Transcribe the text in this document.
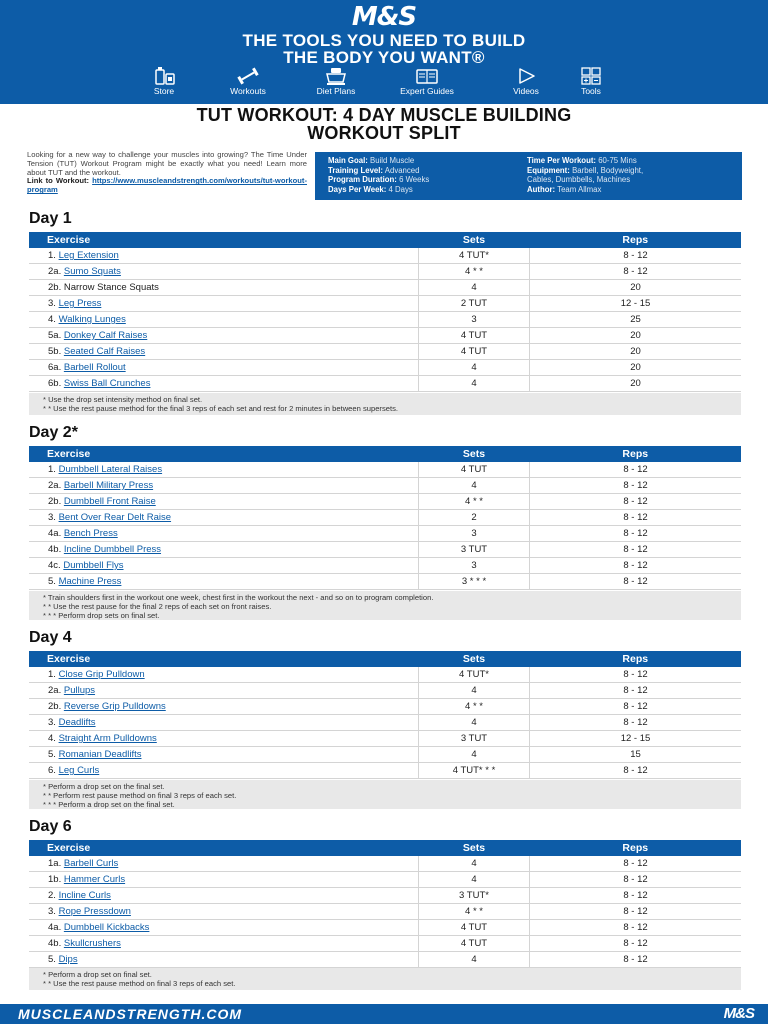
M&S
THE TOOLS YOU NEED TO BUILD
THE BODY YOU WANT®
Store	Workouts	Diet Plans	Expert Guides	Videos	Tools
TUT WORKOUT: 4 DAY MUSCLE BUILDING
WORKOUT SPLIT
Looking for a new way to challenge your muscles into growing? The Time Under Tension (TUT) Workout Program might be exactly what you need! Learn more about TUT and the workout.
Link to Workout: https://www.muscleandstrength.com/workouts/tut-workout-program
Main Goal: Build Muscle
Training Level: Advanced
Program Duration: 6 Weeks
Days Per Week: 4 Days
Time Per Workout: 60-75 Mins
Equipment: Barbell, Bodyweight,
Cables, Dumbbells, Machines
Author: Team Allmax
Day 1
Exercise	Sets	Reps
1. Leg Extension	4 TUT*	8 - 12
2a. Sumo Squats	4 * *	8 - 12
2b. Narrow Stance Squats	4	20
3. Leg Press	2 TUT	12 - 15
4. Walking Lunges	3	25
5a. Donkey Calf Raises	4 TUT	20
5b. Seated Calf Raises	4 TUT	20
6a. Barbell Rollout	4	20
6b. Swiss Ball Crunches	4	20
* Use the drop set intensity method on final set.
* * Use the rest pause method for the final 3 reps of each set and rest for 2 minutes in between supersets.
Day 2*
Exercise	Sets	Reps
1. Dumbbell Lateral Raises	4 TUT	8 - 12
2a. Barbell Military Press	4	8 - 12
2b. Dumbbell Front Raise	4 * *	8 - 12
3. Bent Over Rear Delt Raise	2	8 - 12
4a. Bench Press	3	8 - 12
4b. Incline Dumbbell Press	3 TUT	8 - 12
4c. Dumbbell Flys	3	8 - 12
5. Machine Press	3 * * *	8 - 12
* Train shoulders first in the workout one week, chest first in the workout the next - and so on to program completion.
* * Use the rest pause for the final 2 reps of each set on front raises.
* * * Perform drop sets on final set.
Day 4
Exercise	Sets	Reps
1. Close Grip Pulldown	4 TUT*	8 - 12
2a. Pullups	4	8 - 12
2b. Reverse Grip Pulldowns	4 * *	8 - 12
3. Deadlifts	4	8 - 12
4. Straight Arm Pulldowns	3 TUT	12 - 15
5. Romanian Deadlifts	4	15
6. Leg Curls	4 TUT* * *	8 - 12
* Perform a drop set on the final set.
* * Perform rest pause method on final 3 reps of each set.
* * * Perform a drop set on the final set.
Day 6
Exercise	Sets	Reps
1a. Barbell Curls	4	8 - 12
1b. Hammer Curls	4	8 - 12
2. Incline Curls	3 TUT*	8 - 12
3. Rope Pressdown	4 * *	8 - 12
4a. Dumbbell Kickbacks	4 TUT	8 - 12
4b. Skullcrushers	4 TUT	8 - 12
5. Dips	4	8 - 12
* Perform a drop set on final set.
* * Use the rest pause method on final 3 reps of each set.
MUSCLEANDSTRENGTH.COM	M&S
